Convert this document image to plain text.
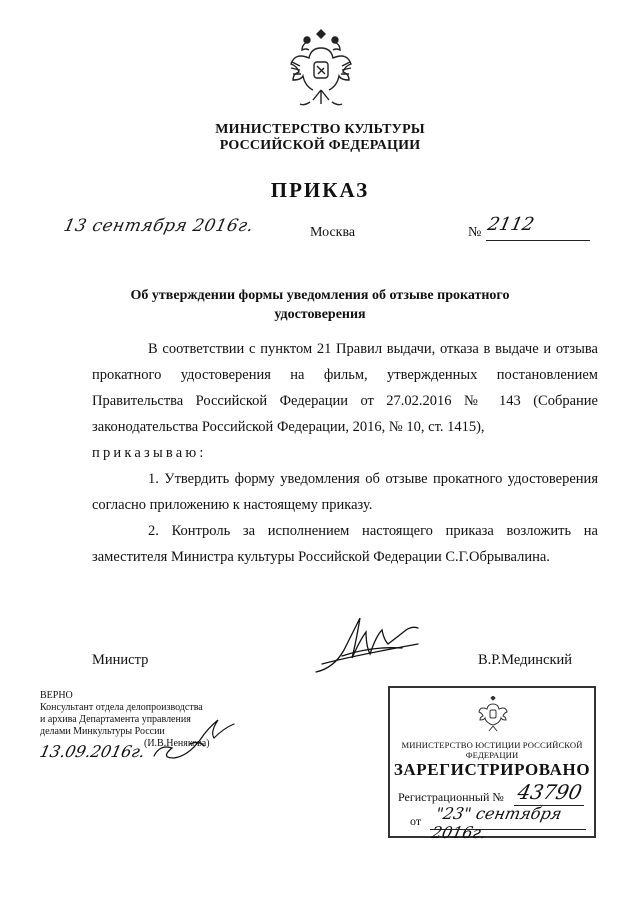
МИНИСТЕРСТВО КУЛЬТУРЫ
РОССИЙСКОЙ ФЕДЕРАЦИИ
ПРИКАЗ
13 сентября 2016г.	Москва	№ 2112
Об утверждении формы уведомления об отзыве прокатного удостоверения

В соответствии с пунктом 21 Правил выдачи, отказа в выдаче и отзыва прокатного удостоверения на фильм, утвержденных постановлением Правительства Российской Федерации от 27.02.2016 № 143 (Собрание законодательства Российской Федерации, 2016, № 10, ст. 1415),

приказываю:

1. Утвердить форму уведомления об отзыве прокатного удостоверения согласно приложению к настоящему приказу.

2. Контроль за исполнением настоящего приказа возложить на заместителя Министра культуры Российской Федерации С.Г.Обрывалина.

Министр	В.Р.Мединский
ВЕРНО
Консультант отдела делопроизводства
и архива Департамента управления
делами Минкультуры России
(И.В.Ненякова)
13.09.2016г.	МИНИСТЕРСТВО ЮСТИЦИИ РОССИЙСКОЙ ФЕДЕРАЦИИ
ЗАРЕГИСТРИРОВАНО
Регистрационный № 43790
от "23" сентября 2016г.
